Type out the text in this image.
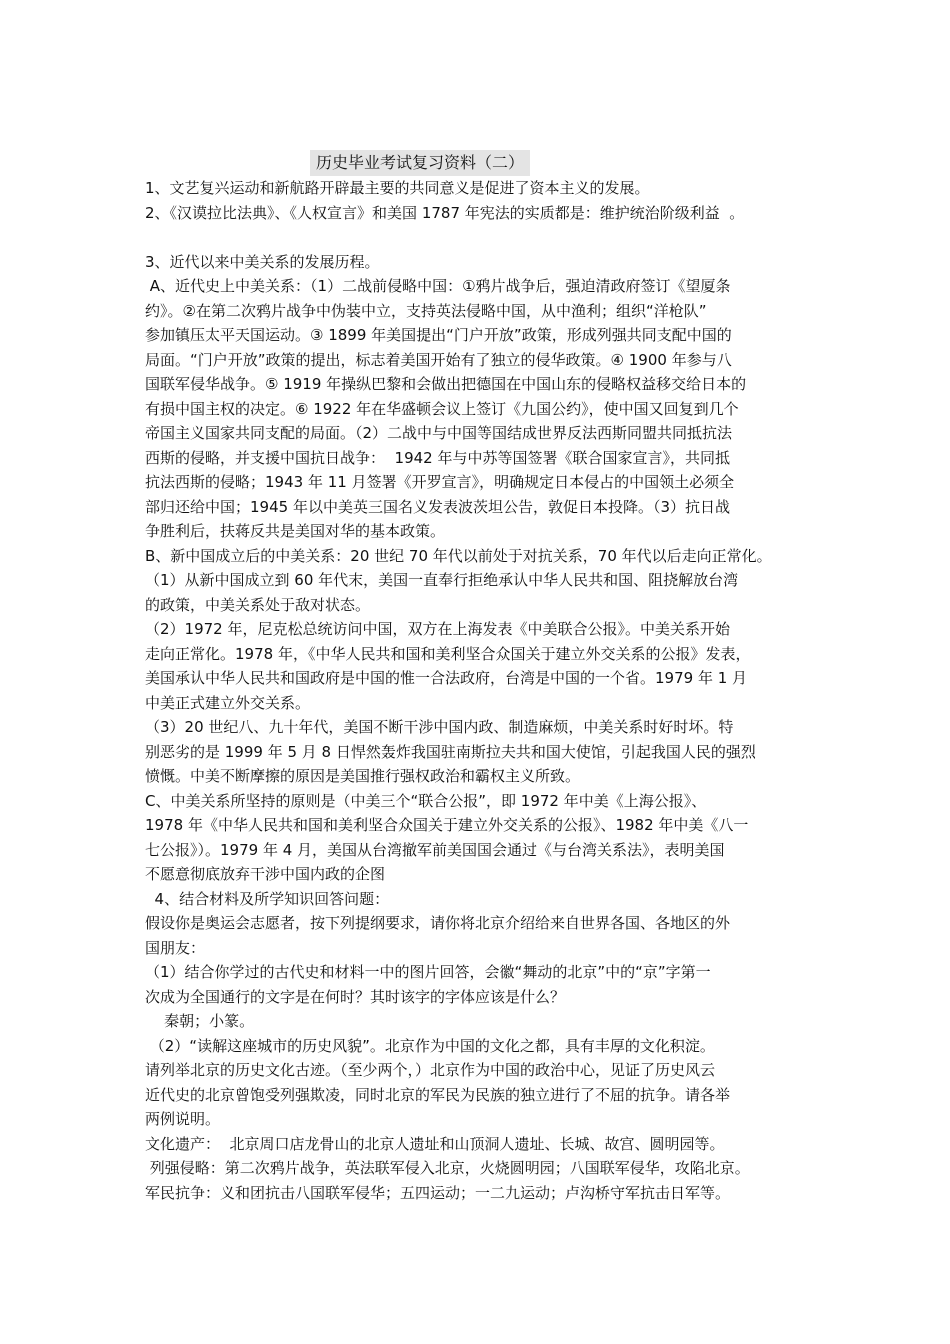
历史毕业考试复习资料（二）
1、文艺复兴运动和新航路开辟最主要的共同意义是促进了资本主义的发展。
2、《汉谟拉比法典》、《人权宣言》和美国 1787 年宪法的实质都是：维护统治阶级利益  。
3、近代以来中美关系的发展历程。
A、近代史上中美关系：（1）二战前侵略中国：①鸦片战争后，强迫清政府签订《望厦条
约》。②在第二次鸦片战争中伪装中立，支持英法侵略中国，从中渔利；组织“洋枪队”
参加镇压太平天国运动。③ 1899 年美国提出“门户开放”政策，形成列强共同支配中国的
局面。“门户开放”政策的提出，标志着美国开始有了独立的侵华政策。④ 1900 年参与八
国联军侵华战争。⑤ 1919 年操纵巴黎和会做出把德国在中国山东的侵略权益移交给日本的
有损中国主权的决定。⑥ 1922 年在华盛顿会议上签订《九国公约》，使中国又回复到几个
帝国主义国家共同支配的局面。（2）二战中与中国等国结成世界反法西斯同盟共同抵抗法
西斯的侵略，并支援中国抗日战争：  1942 年与中苏等国签署《联合国家宣言》，共同抵
抗法西斯的侵略；1943 年 11 月签署《开罗宣言》，明确规定日本侵占的中国领土必须全
部归还给中国；1945 年以中美英三国名义发表波茨坦公告，敦促日本投降。（3）抗日战
争胜利后，扶蒋反共是美国对华的基本政策。
B、新中国成立后的中美关系：20 世纪 70 年代以前处于对抗关系，70 年代以后走向正常化。
（1）从新中国成立到 60 年代末，美国一直奉行拒绝承认中华人民共和国、阻挠解放台湾
的政策，中美关系处于敌对状态。
（2）1972 年，尼克松总统访问中国，双方在上海发表《中美联合公报》。中美关系开始
走向正常化。1978 年，《中华人民共和国和美利坚合众国关于建立外交关系的公报》发表，
美国承认中华人民共和国政府是中国的惟一合法政府，台湾是中国的一个省。1979 年 1 月
中美正式建立外交关系。
（3）20 世纪八、九十年代，美国不断干涉中国内政、制造麻烦，中美关系时好时坏。特
别恶劣的是 1999 年 5 月 8 日悍然轰炸我国驻南斯拉夫共和国大使馆，引起我国人民的强烈
愤慨。中美不断摩擦的原因是美国推行强权政治和霸权主义所致。
C、中美关系所坚持的原则是（中美三个“联合公报”，即 1972 年中美《上海公报》、
1978 年《中华人民共和国和美利坚合众国关于建立外交关系的公报》、1982 年中美《八一
七公报》）。1979 年 4 月，美国从台湾撤军前美国国会通过《与台湾关系法》，表明美国
不愿意彻底放弃干涉中国内政的企图
4、结合材料及所学知识回答问题：
假设你是奥运会志愿者，按下列提纲要求，请你将北京介绍给来自世界各国、各地区的外
国朋友：
（1）结合你学过的古代史和材料一中的图片回答，会徽“舞动的北京”中的“京”字第一
次成为全国通行的文字是在何时？其时该字的字体应该是什么？
秦朝；小篆。
（2）“读解这座城市的历史风貌”。北京作为中国的文化之都，具有丰厚的文化积淀。
请列举北京的历史文化古迹。（至少两个，）北京作为中国的政治中心，见证了历史风云
近代史的北京曾饱受列强欺凌，同时北京的军民为民族的独立进行了不屈的抗争。请各举
两例说明。
文化遗产：  北京周口店龙骨山的北京人遗址和山顶洞人遗址、长城、故宫、圆明园等。
列强侵略：第二次鸦片战争，英法联军侵入北京，火烧圆明园；八国联军侵华，攻陷北京。
军民抗争：义和团抗击八国联军侵华；五四运动；一二九运动；卢沟桥守军抗击日军等。
